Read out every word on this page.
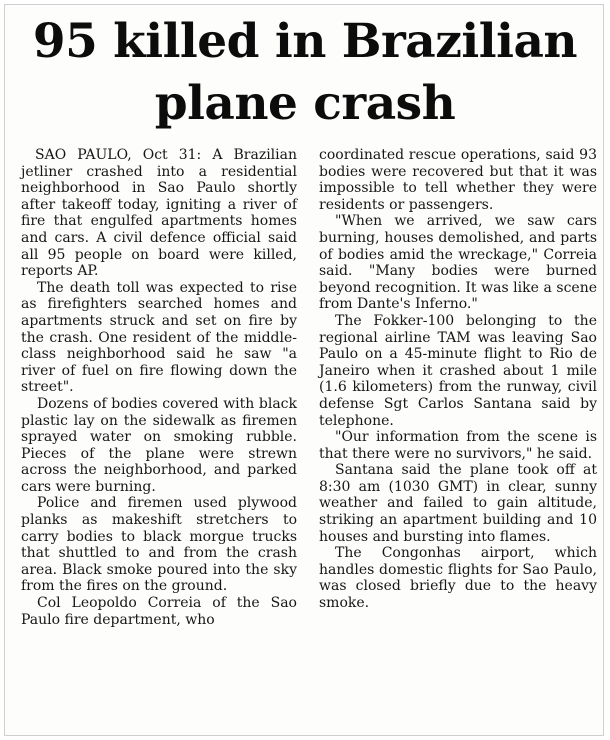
95 killed in Brazilian
plane crash

SAO PAULO, Oct 31: A Brazilian jetliner crashed into a residential neighborhood in Sao Paulo shortly after takeoff today, igniting a river of fire that engulfed apartments homes and cars. A civil defence official said all 95 people on board were killed, reports AP.

The death toll was expected to rise as firefighters searched homes and apartments struck and set on fire by the crash. One resident of the middle-class neighborhood said he saw "a river of fuel on fire flowing down the street".

Dozens of bodies covered with black plastic lay on the sidewalk as firemen sprayed water on smoking rubble. Pieces of the plane were strewn across the neighborhood, and parked cars were burning.

Police and firemen used plywood planks as makeshift stretchers to carry bodies to black morgue trucks that shuttled to and from the crash area. Black smoke poured into the sky from the fires on the ground.

Col Leopoldo Correia of the Sao Paulo fire department, who

coordinated rescue operations, said 93 bodies were recovered but that it was impossible to tell whether they were residents or passengers.

"When we arrived, we saw cars burning, houses demolished, and parts of bodies amid the wreckage," Correia said. "Many bodies were burned beyond recognition. It was like a scene from Dante's Inferno."

The Fokker-100 belonging to the regional airline TAM was leaving Sao Paulo on a 45-minute flight to Rio de Janeiro when it crashed about 1 mile (1.6 kilometers) from the runway, civil defense Sgt Carlos Santana said by telephone.

"Our information from the scene is that there were no survivors," he said.

Santana said the plane took off at 8:30 am (1030 GMT) in clear, sunny weather and failed to gain altitude, striking an apartment building and 10 houses and bursting into flames.

The Congonhas airport, which handles domestic flights for Sao Paulo, was closed briefly due to the heavy smoke.
